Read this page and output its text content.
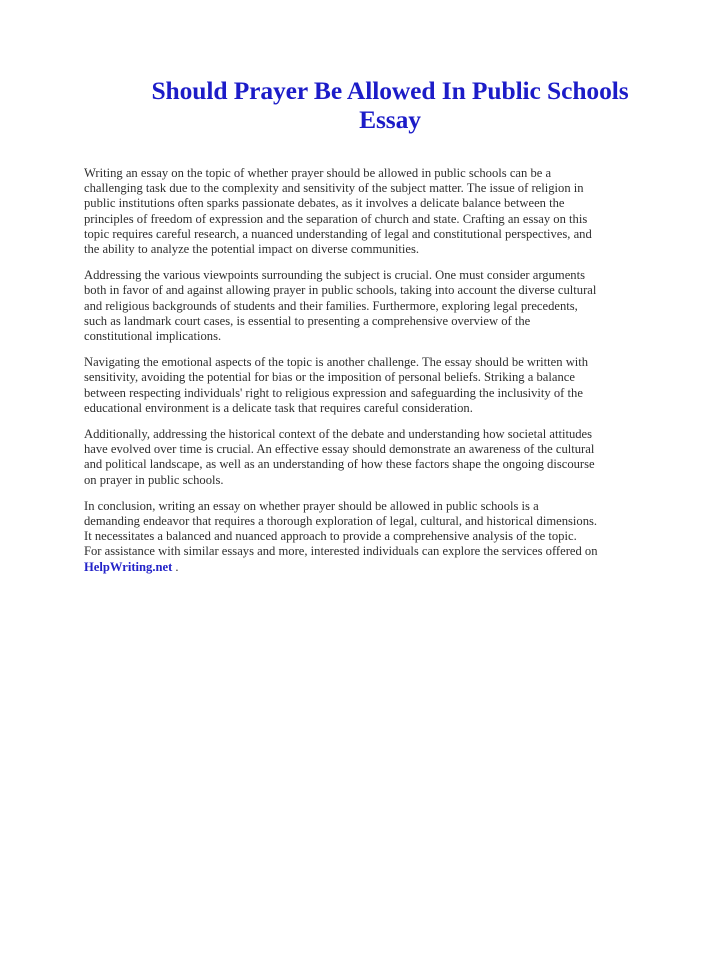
Should Prayer Be Allowed In Public Schools
Essay

Writing an essay on the topic of whether prayer should be allowed in public schools can be a
challenging task due to the complexity and sensitivity of the subject matter. The issue of religion in
public institutions often sparks passionate debates, as it involves a delicate balance between the
principles of freedom of expression and the separation of church and state. Crafting an essay on this
topic requires careful research, a nuanced understanding of legal and constitutional perspectives, and
the ability to analyze the potential impact on diverse communities.

Addressing the various viewpoints surrounding the subject is crucial. One must consider arguments
both in favor of and against allowing prayer in public schools, taking into account the diverse cultural
and religious backgrounds of students and their families. Furthermore, exploring legal precedents,
such as landmark court cases, is essential to presenting a comprehensive overview of the
constitutional implications.

Navigating the emotional aspects of the topic is another challenge. The essay should be written with
sensitivity, avoiding the potential for bias or the imposition of personal beliefs. Striking a balance
between respecting individuals' right to religious expression and safeguarding the inclusivity of the
educational environment is a delicate task that requires careful consideration.

Additionally, addressing the historical context of the debate and understanding how societal attitudes
have evolved over time is crucial. An effective essay should demonstrate an awareness of the cultural
and political landscape, as well as an understanding of how these factors shape the ongoing discourse
on prayer in public schools.

In conclusion, writing an essay on whether prayer should be allowed in public schools is a
demanding endeavor that requires a thorough exploration of legal, cultural, and historical dimensions.
It necessitates a balanced and nuanced approach to provide a comprehensive analysis of the topic.
For assistance with similar essays and more, interested individuals can explore the services offered on
HelpWriting.net .
